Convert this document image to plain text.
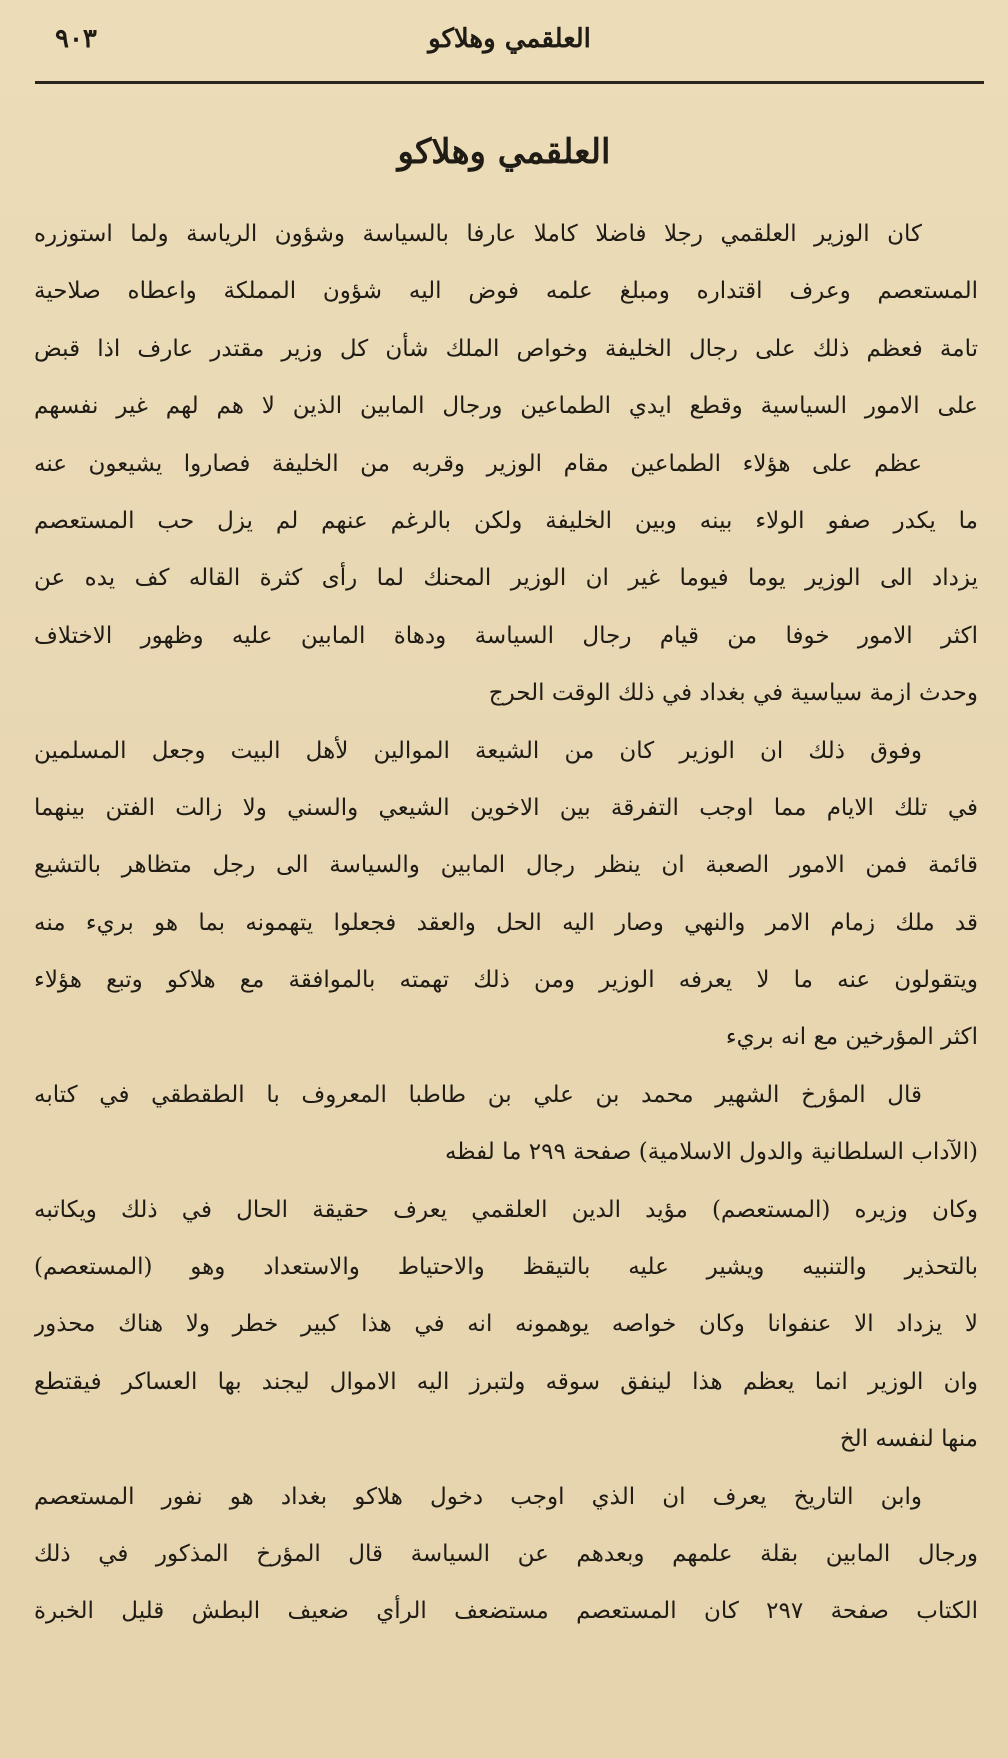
٩٠٣	العلقمي وهلاكو
العلقمي وهلاكو
كان الوزير العلقمي رجلا فاضلا كاملا عارفا بالسياسة وشؤون الرياسة ولما استوزره
المستعصم وعرف اقتداره ومبلغ علمه فوض اليه شؤون المملكة واعطاه صلاحية
تامة فعظم ذلك على رجال الخليفة وخواص الملك شأن كل وزير مقتدر عارف اذا قبض
على الامور السياسية وقطع ايدي الطماعين ورجال المابين الذين لا هم لهم غير نفسهم
عظم على هؤلاء الطماعين مقام الوزير وقربه من الخليفة فصاروا يشيعون عنه
ما يكدر صفو الولاء بينه وبين الخليفة ولكن بالرغم عنهم لم يزل حب المستعصم
يزداد الى الوزير يوما فيوما غير ان الوزير المحنك لما رأى كثرة القاله كف يده عن
اكثر الامور خوفا من قيام رجال السياسة ودهاة المابين عليه وظهور الاختلاف
وحدث ازمة سياسية في بغداد في ذلك الوقت الحرج
وفوق ذلك ان الوزير كان من الشيعة الموالين لأهل البيت وجعل المسلمين
في تلك الايام مما اوجب التفرقة بين الاخوين الشيعي والسني ولا زالت الفتن بينهما
قائمة فمن الامور الصعبة ان ينظر رجال المابين والسياسة الى رجل متظاهر بالتشيع
قد ملك زمام الامر والنهي وصار اليه الحل والعقد فجعلوا يتهمونه بما هو بريء منه
ويتقولون عنه ما لا يعرفه الوزير ومن ذلك تهمته بالموافقة مع هلاكو وتبع هؤلاء
اكثر المؤرخين مع انه بريء
قال المؤرخ الشهير محمد بن علي بن طاطبا المعروف با الطقطقي في كتابه
(الآداب السلطانية والدول الاسلامية) صفحة ٢٩٩ ما لفظه
وكان وزيره (المستعصم) مؤيد الدين العلقمي يعرف حقيقة الحال في ذلك ويكاتبه
بالتحذير والتنبيه ويشير عليه بالتيقظ والاحتياط والاستعداد وهو (المستعصم)
لا يزداد الا عنفوانا وكان خواصه يوهمونه انه في هذا كبير خطر ولا هناك محذور
وان الوزير انما يعظم هذا لينفق سوقه ولتبرز اليه الاموال ليجند بها العساكر فيقتطع
منها لنفسه الخ
وابن التاريخ يعرف ان الذي اوجب دخول هلاكو بغداد هو نفور المستعصم
ورجال المابين بقلة علمهم وبعدهم عن السياسة قال المؤرخ المذكور في ذلك
الكتاب صفحة ٢٩٧ كان المستعصم مستضعف الرأي ضعيف البطش قليل الخبرة
